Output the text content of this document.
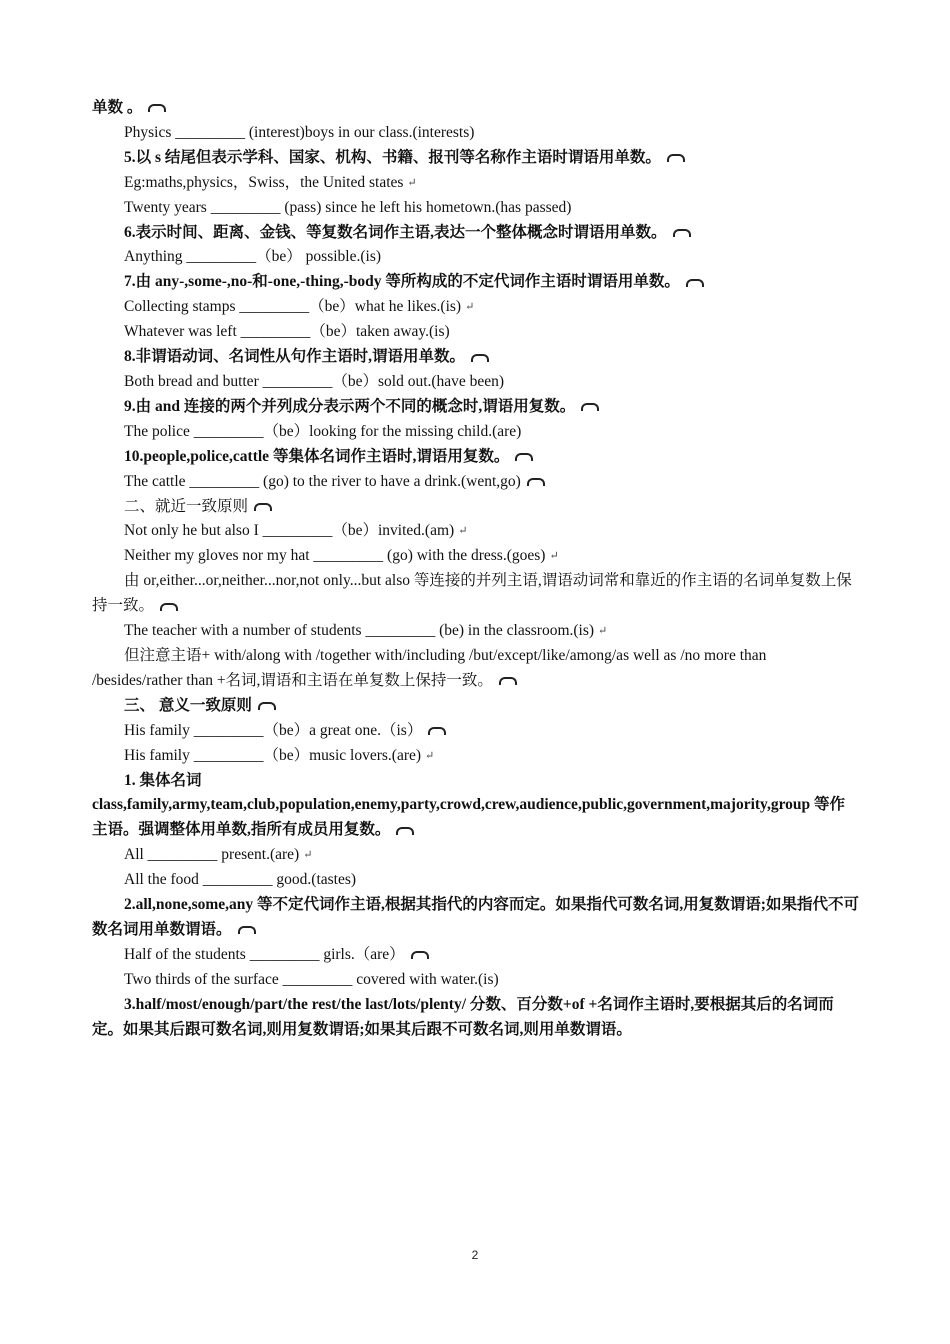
单数 。
Physics _________ (interest)boys in our class.(interests)
5.以 s 结尾但表示学科、国家、机构、书籍、报刊等名称作主语时谓语用单数。
Eg:maths,physics，Swiss，the United states ↵
Twenty years _________ (pass) since he left his hometown.(has passed)
6.表示时间、距离、金钱、等复数名词作主语,表达一个整体概念时谓语用单数。
Anything _________（be） possible.(is)
7.由 any-,some-,no-和-one,-thing,-body 等所构成的不定代词作主语时谓语用单数。
Collecting stamps _________（be）what he likes.(is) ↵
Whatever was left _________（be）taken away.(is)
8.非谓语动词、名词性从句作主语时,谓语用单数。
Both bread and butter _________（be）sold out.(have been)
9.由 and 连接的两个并列成分表示两个不同的概念时,谓语用复数。
The police _________（be）looking for the missing child.(are)
10.people,police,cattle 等集体名词作主语时,谓语用复数。
The cattle _________ (go) to the river to have a drink.(went,go)
二、就近一致原则
Not only he but also I _________（be）invited.(am) ↵
Neither my gloves nor my hat _________ (go) with the dress.(goes) ↵
由 or,either...or,neither...nor,not only...but also 等连接的并列主语,谓语动词常和靠近的作主语的名词单复数上保持一致。
The teacher with a number of students _________ (be) in the classroom.(is) ↵
但注意主语+ with/along with /together with/including /but/except/like/among/as well as /no more than /besides/rather than +名词,谓语和主语在单复数上保持一致。
三、 意义一致原则
His family _________（be）a great one.（is）
His family _________（be）music lovers.(are) ↵
1. 集体名词 class,family,army,team,club,population,enemy,party,crowd,crew,audience,public,government,majority,group 等作主语。强调整体用单数,指所有成员用复数。
All _________ present.(are) ↵
All the food _________ good.(tastes)
2.all,none,some,any 等不定代词作主语,根据其指代的内容而定。如果指代可数名词,用复数谓语;如果指代不可数名词用单数谓语。
Half of the students _________ girls.（are）
Two thirds of the surface _________ covered with water.(is)
3.half/most/enough/part/the rest/the last/lots/plenty/ 分数、百分数+of +名词作主语时,要根据其后的名词而定。如果其后跟可数名词,则用复数谓语;如果其后跟不可数名词,则用单数谓语。
2
